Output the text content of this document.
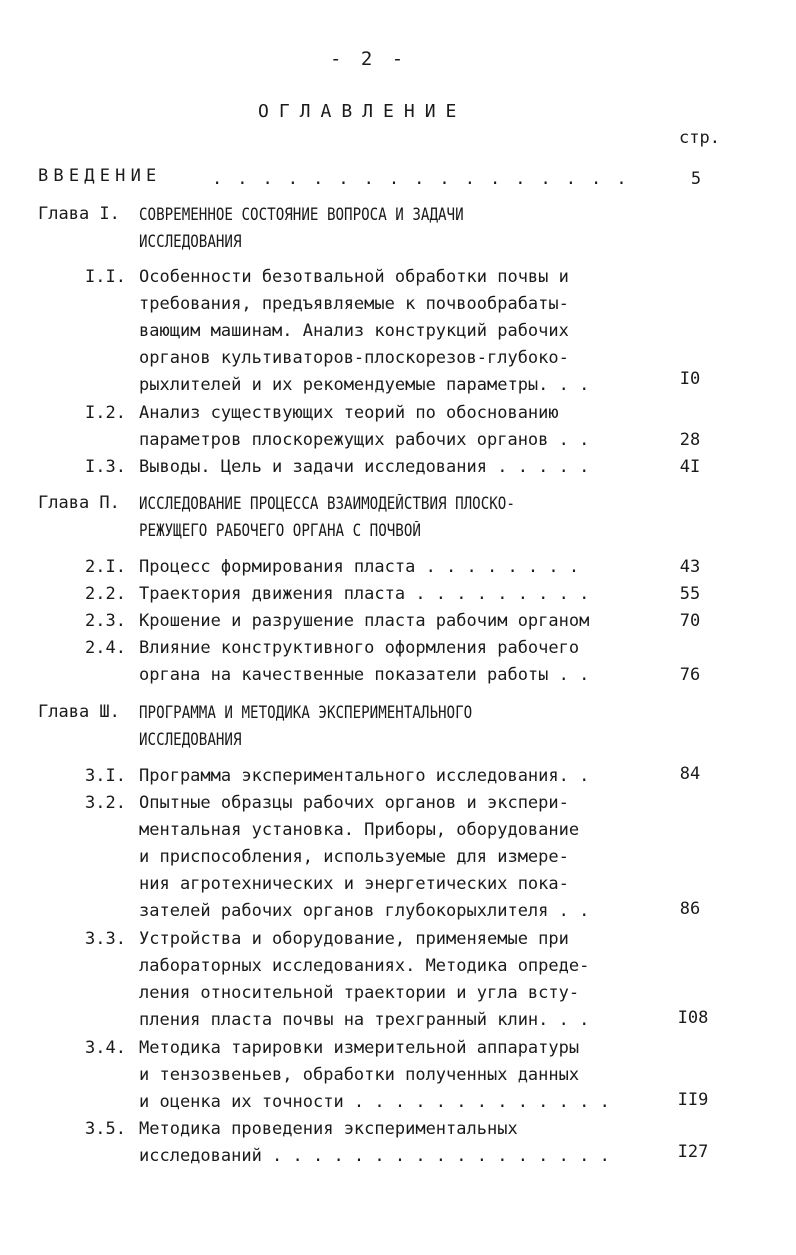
- 2 -
ОГЛАВЛЕНИЕ
стр.
ВВЕДЕНИЕ	. . . . . . . . . . . . . . . . .	5
Глава I. СОВРЕМЕННОЕ СОСТОЯНИЕ ВОПРОСА И ЗАДАЧИ
ИССЛЕДОВАНИЯ
I.I. Особенности безотвальной обработки почвы и
требования, предъявляемые к почвообрабаты-
вающим машинам. Анализ конструкций рабочих
органов культиваторов-плоскорезов-глубоко-
рыхлителей и их рекомендуемые параметры. . .	I0
I.2. Анализ существующих теорий по обоснованию
параметров плоскорежущих рабочих органов . .	28
I.3. Выводы. Цель и задачи исследования . . . . .	4I
Глава П. ИССЛЕДОВАНИЕ ПРОЦЕССА ВЗАИМОДЕЙСТВИЯ ПЛОСКО-
РЕЖУЩЕГО РАБОЧЕГО ОРГАНА С ПОЧВОЙ
2.I. Процесс формирования пласта . . . . . . . .	43
2.2. Траектория движения пласта . . . . . . . . .	55
2.3. Крошение и разрушение пласта рабочим органом	70
2.4. Влияние конструктивного оформления рабочего
органа на качественные показатели работы . .	76
Глава Ш. ПРОГРАММА И МЕТОДИКА ЭКСПЕРИМЕНТАЛЬНОГО
ИССЛЕДОВАНИЯ
3.I. Программа экспериментального исследования. .	84
3.2. Опытные образцы рабочих органов и экспери-
ментальная установка. Приборы, оборудование
и приспособления, используемые для измере-
ния агротехнических и энергетических пока-
зателей рабочих органов глубокорыхлителя . .	86
3.3. Устройства и оборудование, применяемые при
лабораторных исследованиях. Методика опреде-
ления относительной траектории и угла всту-
пления пласта почвы на трехгранный клин. . .	I08
3.4. Методика тарировки измерительной аппаратуры
и тензозвеньев, обработки полученных данных
и оценка их точности . . . . . . . . . . . . .	II9
3.5. Методика проведения экспериментальных
исследований . . . . . . . . . . . . . . . . .	I27
